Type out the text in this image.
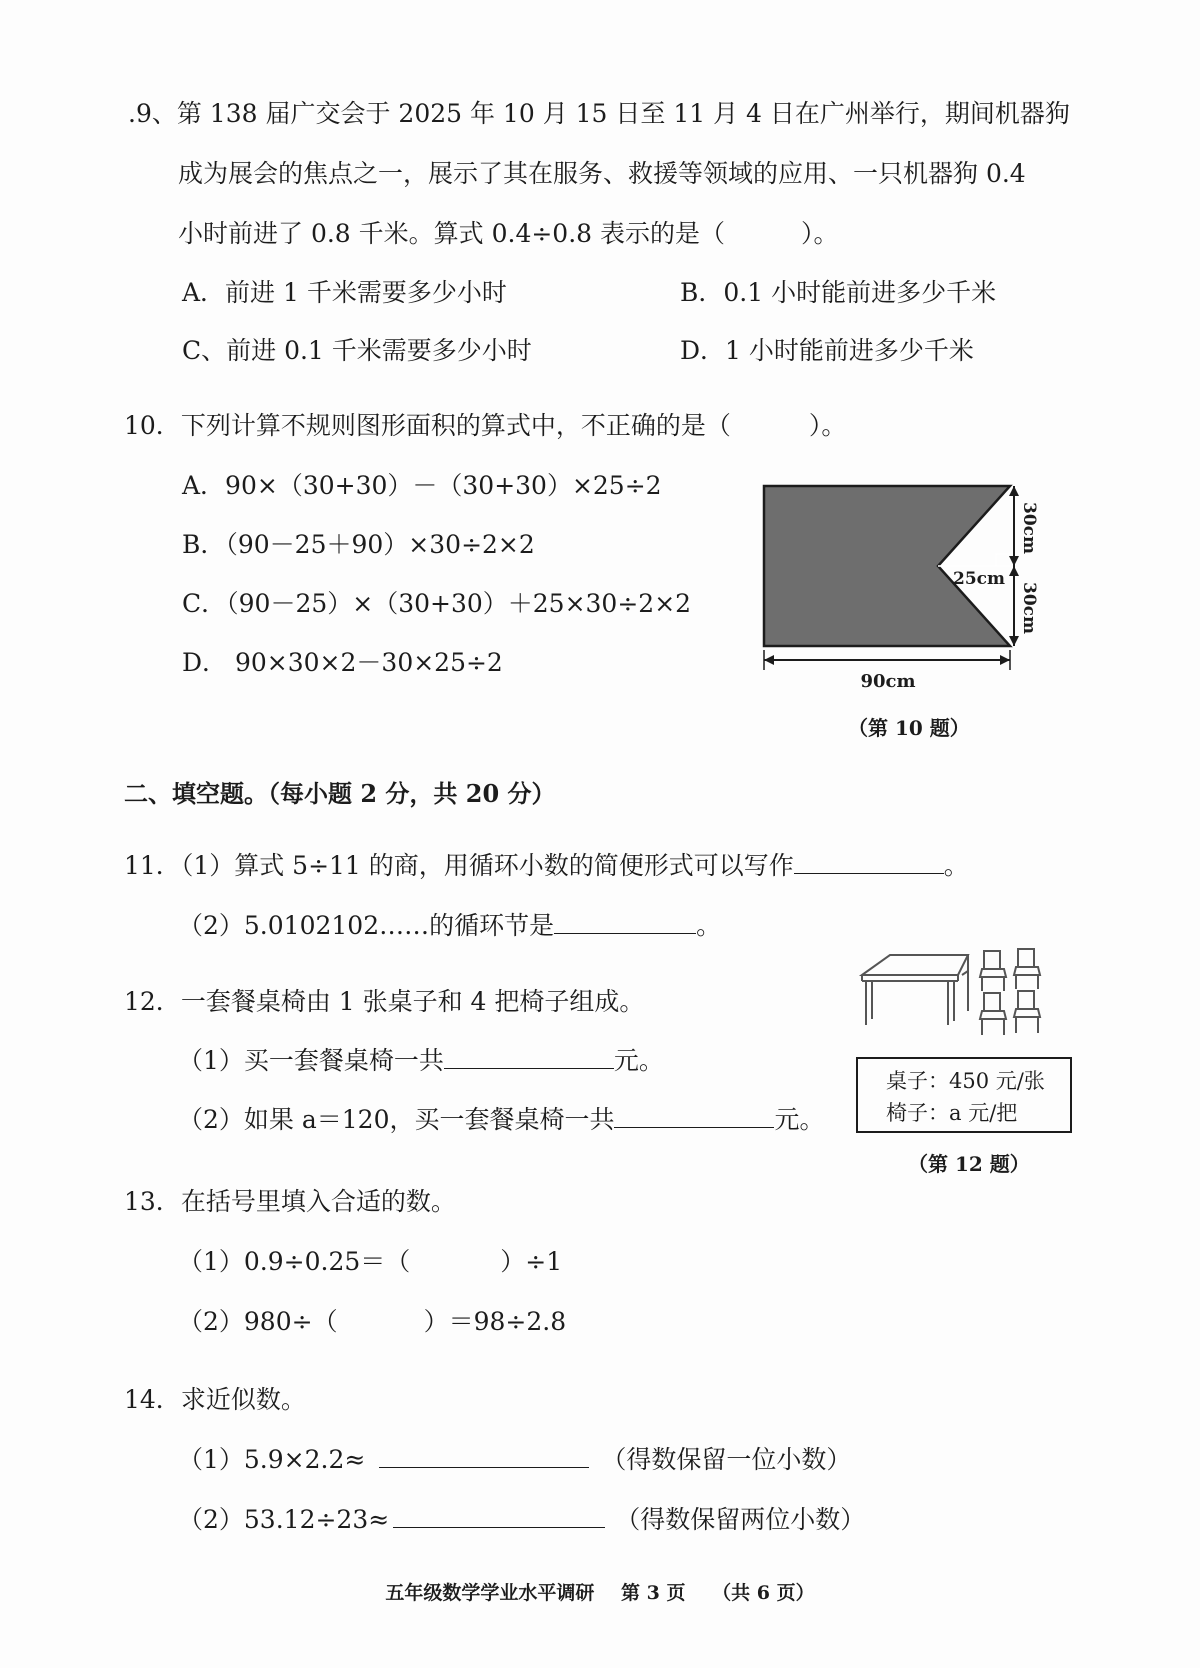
.9、第 138 届广交会于 2025 年 10 月 15 日至 11 月 4 日在广州举行，期间机器狗
成为展会的焦点之一，展示了其在服务、救援等领域的应用、一只机器狗 0.4
小时前进了 0.8 千米。算式 0.4÷0.8 表示的是（	）。
A．前进 1 千米需要多少小时	B．0.1 小时能前进多少千米
C、前进 0.1 千米需要多少小时	D．1 小时能前进多少千米
10．下列计算不规则图形面积的算式中，不正确的是（	）。
A．90×（30+30）－（30+30）×25÷2
B．（90－25＋90）×30÷2×2
C．（90－25）×（30+30）＋25×30÷2×2
D． 90×30×2－30×25÷2
25cm
30cm
30cm
90cm
（第 10 题）
二、填空题。（每小题 2 分，共 20 分）
11．（1）算式 5÷11 的商，用循环小数的简便形式可以写作	。
（2）5.0102102……的循环节是	。
12．一套餐桌椅由 1 张桌子和 4 把椅子组成。
（1）买一套餐桌椅一共	元。
（2）如果 a＝120，买一套餐桌椅一共	元。
桌子：450 元/张
椅子：a 元/把
（第 12 题）
13．在括号里填入合适的数。
（1）0.9÷0.25＝（	）÷1
（2）980÷（	）＝98÷2.8
14．求近似数。
（1）5.9×2.2≈	（得数保留一位小数）
（2）53.12÷23≈	（得数保留两位小数）
五年级数学学业水平调研 第 3 页 （共 6 页）
